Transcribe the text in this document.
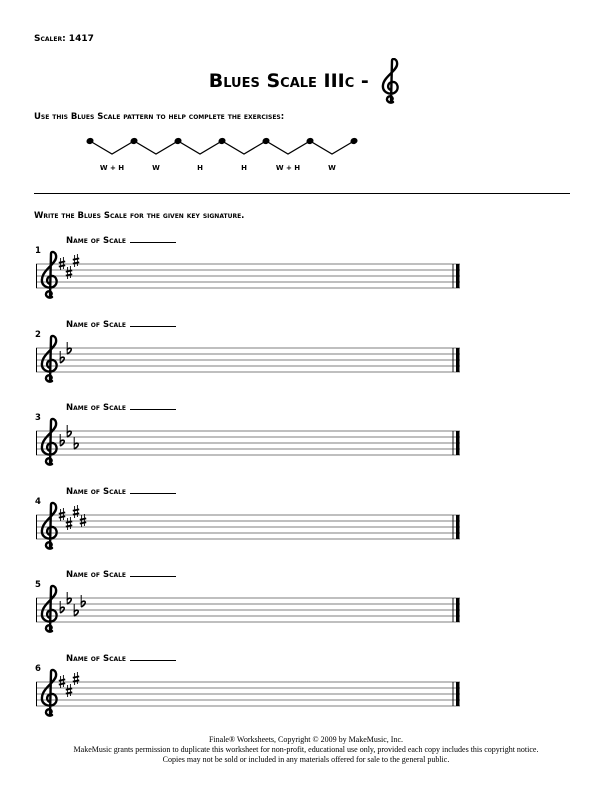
Scaler: 1417
Blues Scale IIIc -
Use this Blues Scale pattern to help complete the exercises:
W + H	W	H	H	W + H	W
Write the Blues Scale for the given key signature.
1
Name of Scale
2
Name of Scale
3
Name of Scale
4
Name of Scale
5
Name of Scale
6
Name of Scale
Finale® Worksheets, Copyright © 2009 by MakeMusic, Inc.
MakeMusic grants permission to duplicate this worksheet for non-profit, educational use only, provided each copy includes this copyright notice.
Copies may not be sold or included in any materials offered for sale to the general public.
